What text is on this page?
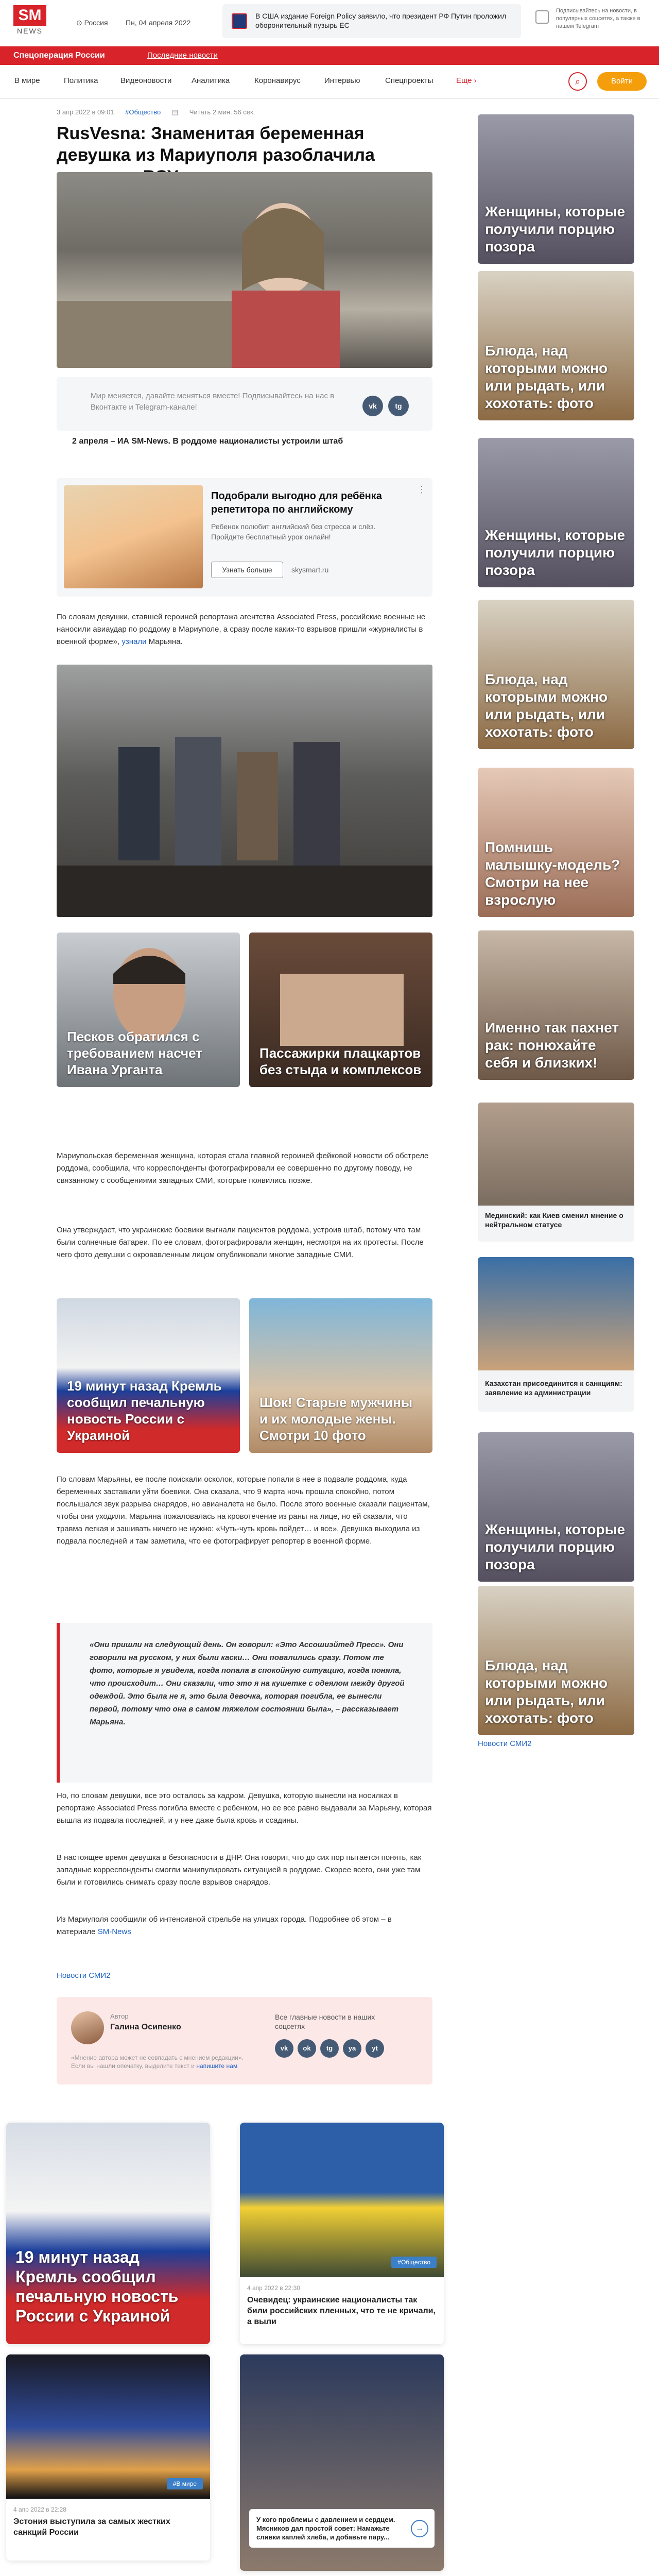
SM
NEWS
⊙ Россия Пн, 04 апреля 2022
В США издание Foreign Policy заявило, что президент РФ Путин проложил оборонительный пузырь ЕС
Подписывайтесь на новости, в популярных соцсетях, а также в нашем Telegram
Спецоперация России	Последние новости
В мире	Политика	Видеоновости	Аналитика	Коронавирус	Интервью	Спецпроекты	Еще ›	⌕	Войти
3 апр 2022 в 09:01 #Общество ▤ Читать 2 мин. 56 сек.
RusVesna: Знаменитая беременная девушка из Мариуполя разоблачила
Мир меняется, давайте меняться вместе! Подписывайтесь на нас в Вконтакте и Telegram-канале!	vk	tg
2 апреля – ИА SM-News. В роддоме националисты устроили штаб
Подобрали выгодно для ребёнка репетитора по английскому
Ребенок полюбит английский без стресса и слёз. Пройдите бесплатный урок онлайн!
Узнать больше	skysmart.ru
⋮
По словам девушки, ставшей героиней репортажа агентства Associated Press, российские военные не наносили авиаудар по роддому в Мариуполе, а сразу после каких-то взрывов пришли «журналисты в военной форме», узнали Марьяна.
Песков обратился с требованием насчет Ивана Урганта
Пассажирки плацкартов без стыда и комплексов
Мариупольская беременная женщина, которая стала главной героиней фейковой новости об обстреле роддома, сообщила, что корреспонденты фотографировали ее совершенно по другому поводу, не связанному с сообщениями западных СМИ, которые появились позже.
Она утверждает, что украинские боевики выгнали пациентов роддома, устроив штаб, потому что там были солнечные батареи. По ее словам, фотографировали женщин, несмотря на их протесты. После чего фото девушки с окровавленным лицом опубликовали многие западные СМИ.
19 минут назад Кремль сообщил печальную новость России с Украиной
Шок! Старые мужчины и их молодые жены. Смотри 10 фото
По словам Марьяны, ее после поискали осколок, которые попали в нее в подвале роддома, куда беременных заставили уйти боевики. Она сказала, что 9 марта ночь прошла спокойно, потом послышался звук разрыва снарядов, но авианалета не было. После этого военные сказали пациентам, чтобы они уходили. Марьяна пожаловалась на кровотечение из раны на лице, но ей сказали, что травма легкая и зашивать ничего не нужно: «Чуть-чуть кровь пойдет… и все». Девушка выходила из подвала последней и там заметила, что ее фотографирует репортер в военной форме.
«Они пришли на следующий день. Он говорил: «Это Ассошиэйтед Пресс». Они говорили на русском, у них были каски… Они повалились сразу. Потом те фото, которые я увидела, когда попала в спокойную ситуацию, когда поняла, что происходит… Они сказали, что это я на кушетке с одеялом между другой одеждой. Это была не я, это была девочка, которая погибла, ее вынесли первой, потому что она в самом тяжелом состоянии была», – рассказывает Марьяна.
Но, по словам девушки, все это осталось за кадром. Девушка, которую вынесли на носилках в репортаже Associated Press погибла вместе с ребенком, но ее все равно выдавали за Марьяну, которая вышла из подвала последней, и у нее даже была кровь и ссадины.
В настоящее время девушка в безопасности в ДНР. Она говорит, что до сих пор пытается понять, как западные корреспонденты смогли манипулировать ситуацией в роддоме. Скорее всего, они уже там были и готовились снимать сразу после взрывов снарядов.
Из Мариуполя сообщили об интенсивной стрельбе на улицах города. Подробнее об этом – в материале SM-News
Новости СМИ2
Автор
Галина Осипенко
«Мнение автора может не совпадать с мнением редакции». Если вы нашли опечатку, выделите текст и напишите нам
Все главные новости в наших соцсетях
vk	ok	tg	ya	yt
Женщины, которые получили порцию позора
Блюда, над которыми можно или рыдать, или хохотать: фото
Женщины, которые получили порцию позора
Блюда, над которыми можно или рыдать, или хохотать: фото
Помнишь малышку-модель? Смотри на нее взрослую
Именно так пахнет рак: понюхайте себя и близких!
Мединский: как Киев сменил мнение о нейтральном статусе
Казахстан присоединится к санкциям: заявление из администрации
Женщины, которые получили порцию позора
Блюда, над которыми можно или рыдать, или хохотать: фото
Новости СМИ2
19 минут назад Кремль сообщил печальную новость России с Украиной
#Общество
4 апр 2022 в 22:30
Очевидец: украинские националисты так били российских пленных, что те не кричали, а выли
#В мире
4 апр 2022 в 22:28
Эстония выступила за самых жестких санкций России
У кого проблемы с давлением и сердцем. Мясников дал простой совет: Намажьте сливки каплей хлеба, и добавьте пару...
→
